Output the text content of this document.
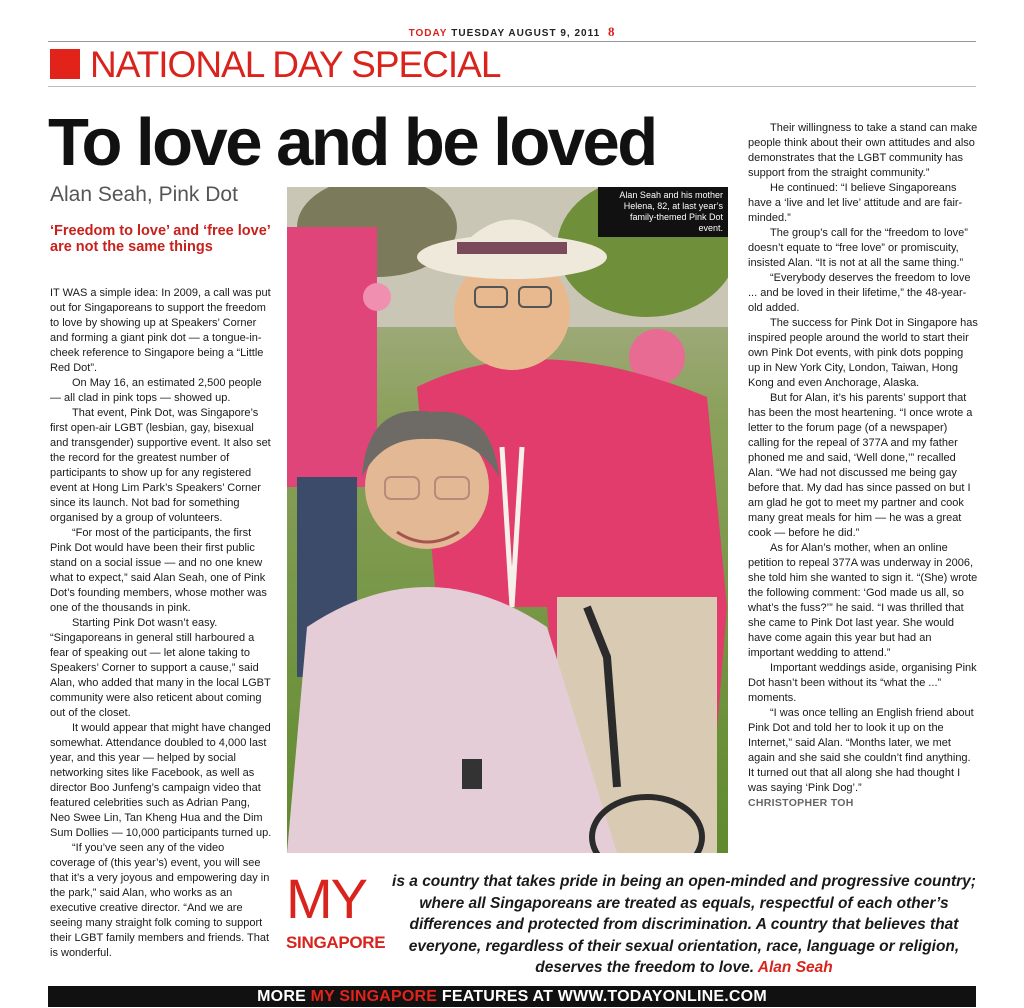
TODAY TUESDAY AUGUST 9, 2011 8
NATIONAL DAY SPECIAL
To love and be loved
Alan Seah, Pink Dot
‘Freedom to love’ and ‘free love’ are not the same things

IT WAS a simple idea: In 2009, a call was put out for Singaporeans to support the freedom to love by showing up at Speakers’ Corner and forming a giant pink dot — a tongue-in-cheek reference to Singapore being a “Little Red Dot”.

On May 16, an estimated 2,500 people — all clad in pink tops — showed up.

That event, Pink Dot, was Singapore’s first open-air LGBT (lesbian, gay, bisexual and transgender) supportive event. It also set the record for the greatest number of participants to show up for any registered event at Hong Lim Park’s Speakers’ Corner since its launch. Not bad for something organised by a group of volunteers.

“For most of the participants, the first Pink Dot would have been their first public stand on a social issue — and no one knew what to expect,” said Alan Seah, one of Pink Dot’s founding members, whose mother was one of the thousands in pink.

Starting Pink Dot wasn’t easy. “Singaporeans in general still harboured a fear of speaking out — let alone taking to Speakers’ Corner to support a cause,” said Alan, who added that many in the local LGBT community were also reticent about coming out of the closet.

It would appear that might have changed somewhat. Attendance doubled to 4,000 last year, and this year — helped by social networking sites like Facebook, as well as director Boo Junfeng’s campaign video that featured celebrities such as Adrian Pang, Neo Swee Lin, Tan Kheng Hua and the Dim Sum Dollies — 10,000 participants turned up.

“If you’ve seen any of the video coverage of (this year’s) event, you will see that it’s a very joyous and empowering day in the park,” said Alan, who works as an executive creative director. “And we are seeing many straight folk coming to support their LGBT family members and friends. That is wonderful.

Alan Seah and his mother Helena, 82, at last year’s family-themed Pink Dot event.

Their willingness to take a stand can make people think about their own attitudes and also demonstrates that the LGBT community has support from the straight community.”

He continued: “I believe Singaporeans have a ‘live and let live’ attitude and are fair-minded.”

The group’s call for the “freedom to love” doesn’t equate to “free love” or promiscuity, insisted Alan. “It is not at all the same thing.”

“Everybody deserves the freedom to love ... and be loved in their lifetime,” the 48-year-old added.

The success for Pink Dot in Singapore has inspired people around the world to start their own Pink Dot events, with pink dots popping up in New York City, London, Taiwan, Hong Kong and even Anchorage, Alaska.

But for Alan, it’s his parents’ support that has been the most heartening. “I once wrote a letter to the forum page (of a newspaper) calling for the repeal of 377A and my father phoned me and said, ‘Well done,’” recalled Alan. “We had not discussed me being gay before that. My dad has since passed on but I am glad he got to meet my partner and cook many great meals for him — he was a great cook — before he did.”

As for Alan’s mother, when an online petition to repeal 377A was underway in 2006, she told him she wanted to sign it. “(She) wrote the following comment: ‘God made us all, so what’s the fuss?’” he said. “I was thrilled that she came to Pink Dot last year. She would have come again this year but had an important wedding to attend.”

Important weddings aside, organising Pink Dot hasn’t been without its “what the ...” moments.

“I was once telling an English friend about Pink Dot and told her to look it up on the Internet,” said Alan. “Months later, we met again and she said she couldn’t find anything. It turned out that all along she had thought I was saying ‘Pink Dog’.”

CHRISTOPHER TOH

MY
SINGAPORE
is a country that takes pride in being an open-minded and progressive country; where all Singaporeans are treated as equals, respectful of each other’s differences and protected from discrimination. A country that believes that everyone, regardless of their sexual orientation, race, language or religion, deserves the freedom to love. Alan Seah
MORE MY SINGAPORE FEATURES AT WWW.TODAYONLINE.COM
